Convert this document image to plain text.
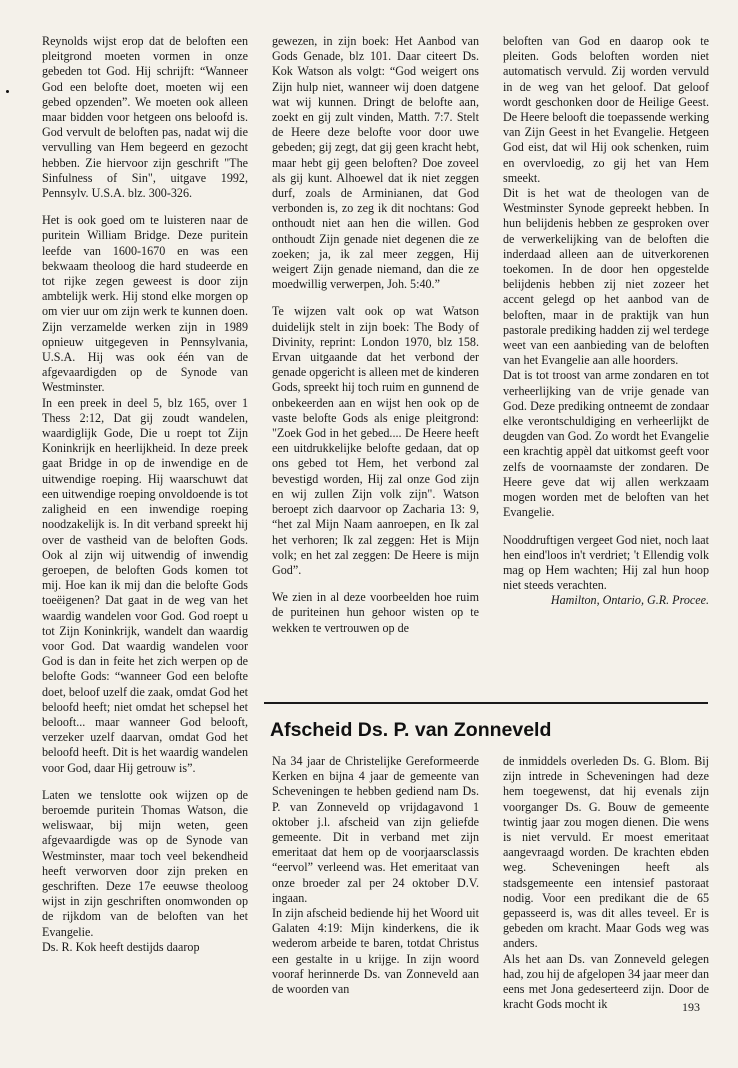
Reynolds wijst erop dat de beloften een pleitgrond moeten vormen in onze gebeden tot God. Hij schrijft: “Wanneer God een belofte doet, moeten wij een gebed opzenden”. We moeten ook alleen maar bidden voor hetgeen ons beloofd is. God vervult de beloften pas, nadat wij die vervulling van Hem begeerd en gezocht hebben. Zie hiervoor zijn geschrift "The Sinfulness of Sin", uitgave 1992, Pennsylv. U.S.A. blz. 300-326.

Het is ook goed om te luisteren naar de puritein William Bridge. Deze puritein leefde van 1600-1670 en was een bekwaam theoloog die hard studeerde en tot rijke zegen geweest is door zijn ambtelijk werk. Hij stond elke morgen op om vier uur om zijn werk te kunnen doen. Zijn verzamelde werken zijn in 1989 opnieuw uitgegeven in Pennsylvania, U.S.A. Hij was ook één van de afgevaardigden op de Synode van Westminster.

In een preek in deel 5, blz 165, over 1 Thess 2:12, Dat gij zoudt wandelen, waardiglijk Gode, Die u roept tot Zijn Koninkrijk en heerlijkheid. In deze preek gaat Bridge in op de inwendige en de uitwendige roeping. Hij waarschuwt dat een uitwendige roeping onvoldoende is tot zaligheid en een inwendige roeping noodzakelijk is. In dit verband spreekt hij over de vastheid van de beloften Gods. Ook al zijn wij uitwendig of inwendig geroepen, de beloften Gods komen tot mij. Hoe kan ik mij dan die belofte Gods toeëigenen? Dat gaat in de weg van het waardig wandelen voor God. God roept u tot Zijn Koninkrijk, wandelt dan waardig voor God. Dat waardig wandelen voor God is dan in feite het zich werpen op de belofte Gods: “wanneer God een belofte doet, beloof uzelf die zaak, omdat God het beloofd heeft; niet omdat het schepsel het belooft... maar wanneer God belooft, verzeker uzelf daarvan, omdat God het beloofd heeft. Dit is het waardig wandelen voor God, daar Hij getrouw is”.

Laten we tenslotte ook wijzen op de beroemde puritein Thomas Watson, die weliswaar, bij mijn weten, geen afgevaardigde was op de Synode van Westminster, maar toch veel bekendheid heeft verworven door zijn preken en geschriften. Deze 17e eeuwse theoloog wijst in zijn geschriften onomwonden op de rijkdom van de beloften van het Evangelie.

Ds. R. Kok heeft destijds daarop

gewezen, in zijn boek: Het Aanbod van Gods Genade, blz 101. Daar citeert Ds. Kok Watson als volgt: “God weigert ons Zijn hulp niet, wanneer wij doen datgene wat wij kunnen. Dringt de belofte aan, zoekt en gij zult vinden, Matth. 7:7. Stelt de Heere deze belofte voor door uwe gebeden; gij zegt, dat gij geen kracht hebt, maar hebt gij geen beloften? Doe zoveel als gij kunt. Alhoewel dat ik niet zeggen durf, zoals de Arminianen, dat God verbonden is, zo zeg ik dit nochtans: God onthoudt niet aan hen die willen. God onthoudt Zijn genade niet degenen die ze zoeken; ja, ik zal meer zeggen, Hij weigert Zijn genade niemand, dan die ze moedwillig verwerpen, Joh. 5:40.”

Te wijzen valt ook op wat Watson duidelijk stelt in zijn boek: The Body of Divinity, reprint: London 1970, blz 158. Ervan uitgaande dat het verbond der genade opgericht is alleen met de kinderen Gods, spreekt hij toch ruim en gunnend de onbekeerden aan en wijst hen ook op de vaste belofte Gods als enige pleitgrond: "Zoek God in het gebed.... De Heere heeft een uitdrukkelijke belofte gedaan, dat op ons gebed tot Hem, het verbond zal bevestigd worden, Hij zal onze God zijn en wij zullen Zijn volk zijn". Watson beroept zich daarvoor op Zacharia 13: 9, “het zal Mijn Naam aanroepen, en Ik zal het verhoren; Ik zal zeggen: Het is Mijn volk; en het zal zeggen: De Heere is mijn God”.

We zien in al deze voorbeelden hoe ruim de puriteinen hun gehoor wisten op te wekken te vertrouwen op de

beloften van God en daarop ook te pleiten. Gods beloften worden niet automatisch vervuld. Zij worden vervuld in de weg van het geloof. Dat geloof wordt geschonken door de Heilige Geest. De Heere belooft die toepassende werking van Zijn Geest in het Evangelie. Hetgeen God eist, dat wil Hij ook schenken, ruim en overvloedig, zo gij het van Hem smeekt.

Dit is het wat de theologen van de Westminster Synode gepreekt hebben. In hun belijdenis hebben ze gesproken over de verwerkelijking van de beloften die inderdaad alleen aan de uitverkorenen toekomen. In de door hen opgestelde belijdenis hebben zij niet zozeer het accent gelegd op het aanbod van de beloften, maar in de praktijk van hun pastorale prediking hadden zij wel terdege weet van een aanbieding van de beloften van het Evangelie aan alle hoorders.

Dat is tot troost van arme zondaren en tot verheerlijking van de vrije genade van God. Deze prediking ontneemt de zondaar elke verontschuldiging en verheerlijkt de deugden van God. Zo wordt het Evangelie een krachtig appèl dat uitkomst geeft voor zelfs de voornaamste der zondaren. De Heere geve dat wij allen werkzaam mogen worden met de beloften van het Evangelie.

Nooddruftigen vergeet God niet, noch laat hen eind'loos in't verdriet; 't Ellendig volk mag op Hem wachten; Hij zal hun hoop niet steeds verachten.

Hamilton, Ontario, G.R. Procee.

Afscheid Ds. P. van Zonneveld

Na 34 jaar de Christelijke Gereformeerde Kerken en bijna 4 jaar de gemeente van Scheveningen te hebben gediend nam Ds. P. van Zonneveld op vrijdagavond 1 oktober j.l. afscheid van zijn geliefde gemeente. Dit in verband met zijn emeritaat dat hem op de voorjaarsclassis “eervol” verleend was. Het emeritaat van onze broeder zal per 24 oktober D.V. ingaan.

In zijn afscheid bediende hij het Woord uit Galaten 4:19: Mijn kinderkens, die ik wederom arbeide te baren, totdat Christus een gestalte in u krijge. In zijn woord vooraf herinnerde Ds. van Zonneveld aan de woorden van

de inmiddels overleden Ds. G. Blom. Bij zijn intrede in Scheveningen had deze hem toegewenst, dat hij evenals zijn voorganger Ds. G. Bouw de gemeente twintig jaar zou mogen dienen. Die wens is niet vervuld. Er moest emeritaat aangevraagd worden. De krachten ebden weg. Scheveningen heeft als stadsgemeente een intensief pastoraat nodig. Voor een predikant die de 65 gepasseerd is, was dit alles teveel. Er is gebeden om kracht. Maar Gods weg was anders.

Als het aan Ds. van Zonneveld gelegen had, zou hij de afgelopen 34 jaar meer dan eens met Jona gedeserteerd zijn. Door de kracht Gods mocht ik	193
